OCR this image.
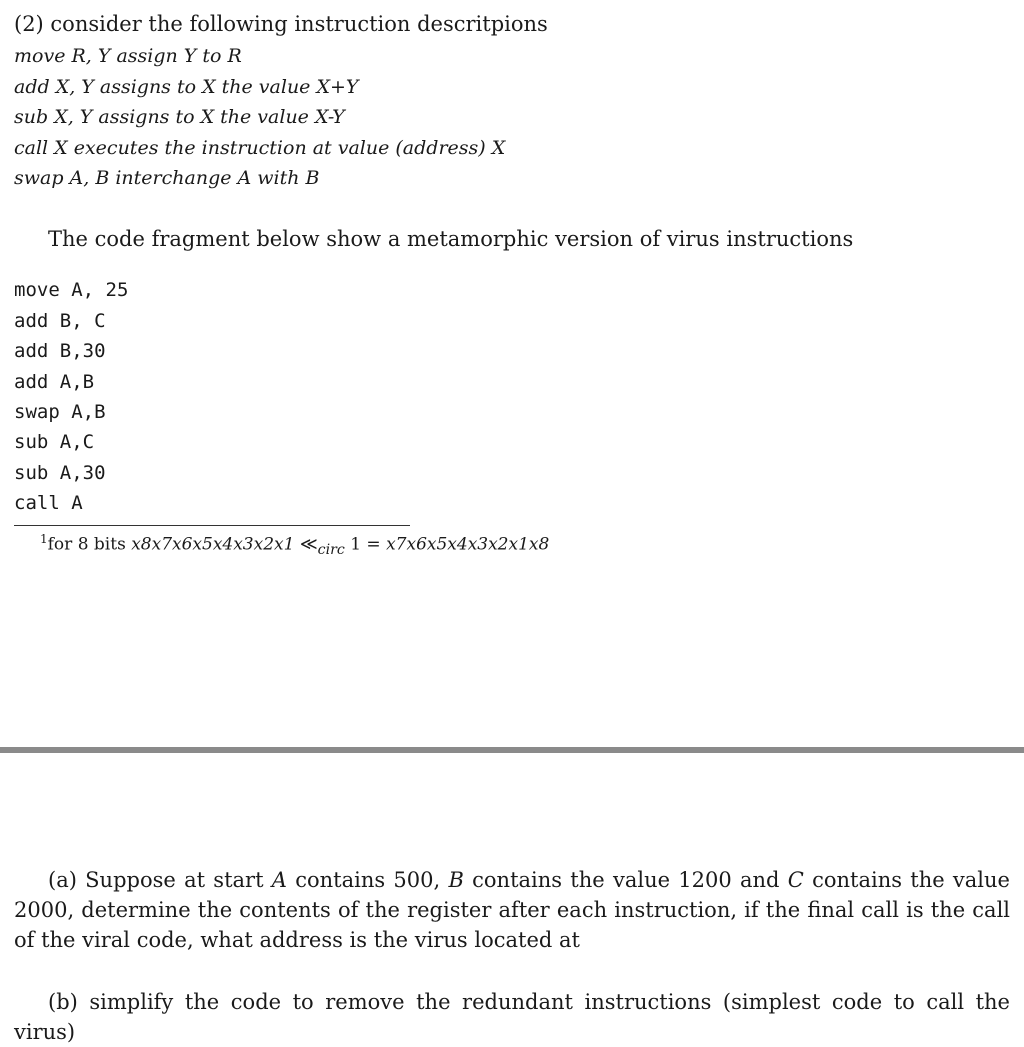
(2) consider the following instruction descritpions
move R, Y assign Y to R
add X, Y assigns to X the value X+Y
sub X, Y assigns to X the value X-Y
call X executes the instruction at value (address) X
swap A, B interchange A with B
The code fragment below show a metamorphic version of virus instructions
move A, 25
add B, C
add B,30
add A,B
swap A,B
sub A,C
sub A,30
call A
$^1$for 8 bits x8x7x6x5x4x3x2x1 $≪_{circ}$ 1 = x7x6x5x4x3x2x1x8
(a) Suppose at start A contains 500, B contains the value 1200 and C contains the value 2000, determine the contents of the register after each instruction, if the final call is the call of the viral code, what address is the virus located at
(b) simplify the code to remove the redundant instructions (simplest code to call the virus)
